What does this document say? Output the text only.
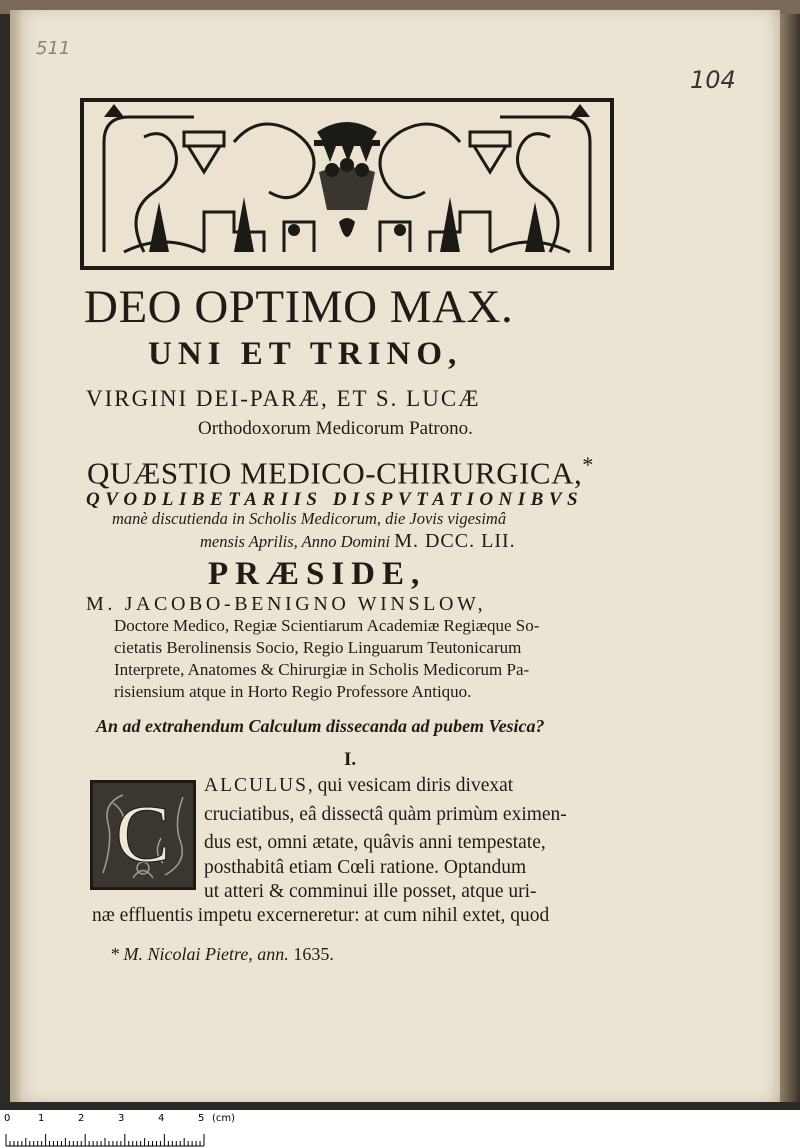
511
104
DEO OPTIMO MAX.
UNI ET TRINO,
VIRGINI DEI-PARÆ, ET S. LUCÆ
Orthodoxorum Medicorum Patrono.
QUÆSTIO MEDICO-CHIRURGICA,*
QVODLIBETARIIS DISPVTATIONIBVS
manè discutienda in Scholis Medicorum, die Jovis vigesimâ
mensis Aprilis, Anno Domini M. DCC. LII.
PRÆSIDE,
M. JACOBO-BENIGNO WINSLOW,
Doctore Medico, Regiæ Scientiarum Academiæ Regiæque So-
cietatis Berolinensis Socio, Regio Linguarum Teutonicarum
Interprete, Anatomes & Chirurgiæ in Scholis Medicorum Pa-
risiensium atque in Horto Regio Professore Antiquo.
An ad extrahendum Calculum dissecanda ad pubem Vesica?
I.
C
ALCULUS, qui vesicam diris divexat
cruciatibus, eâ dissectâ quàm primùm eximen-
dus est, omni ætate, quâvis anni tempestate,
posthabitâ etiam Cœli ratione. Optandum
ut atteri & comminui ille posset, atque uri-
næ effluentis impetu excerneretur: at cum nihil extet, quod
* M. Nicolai Pietre, ann. 1635.
0	1	2	3	4	5 (cm)
